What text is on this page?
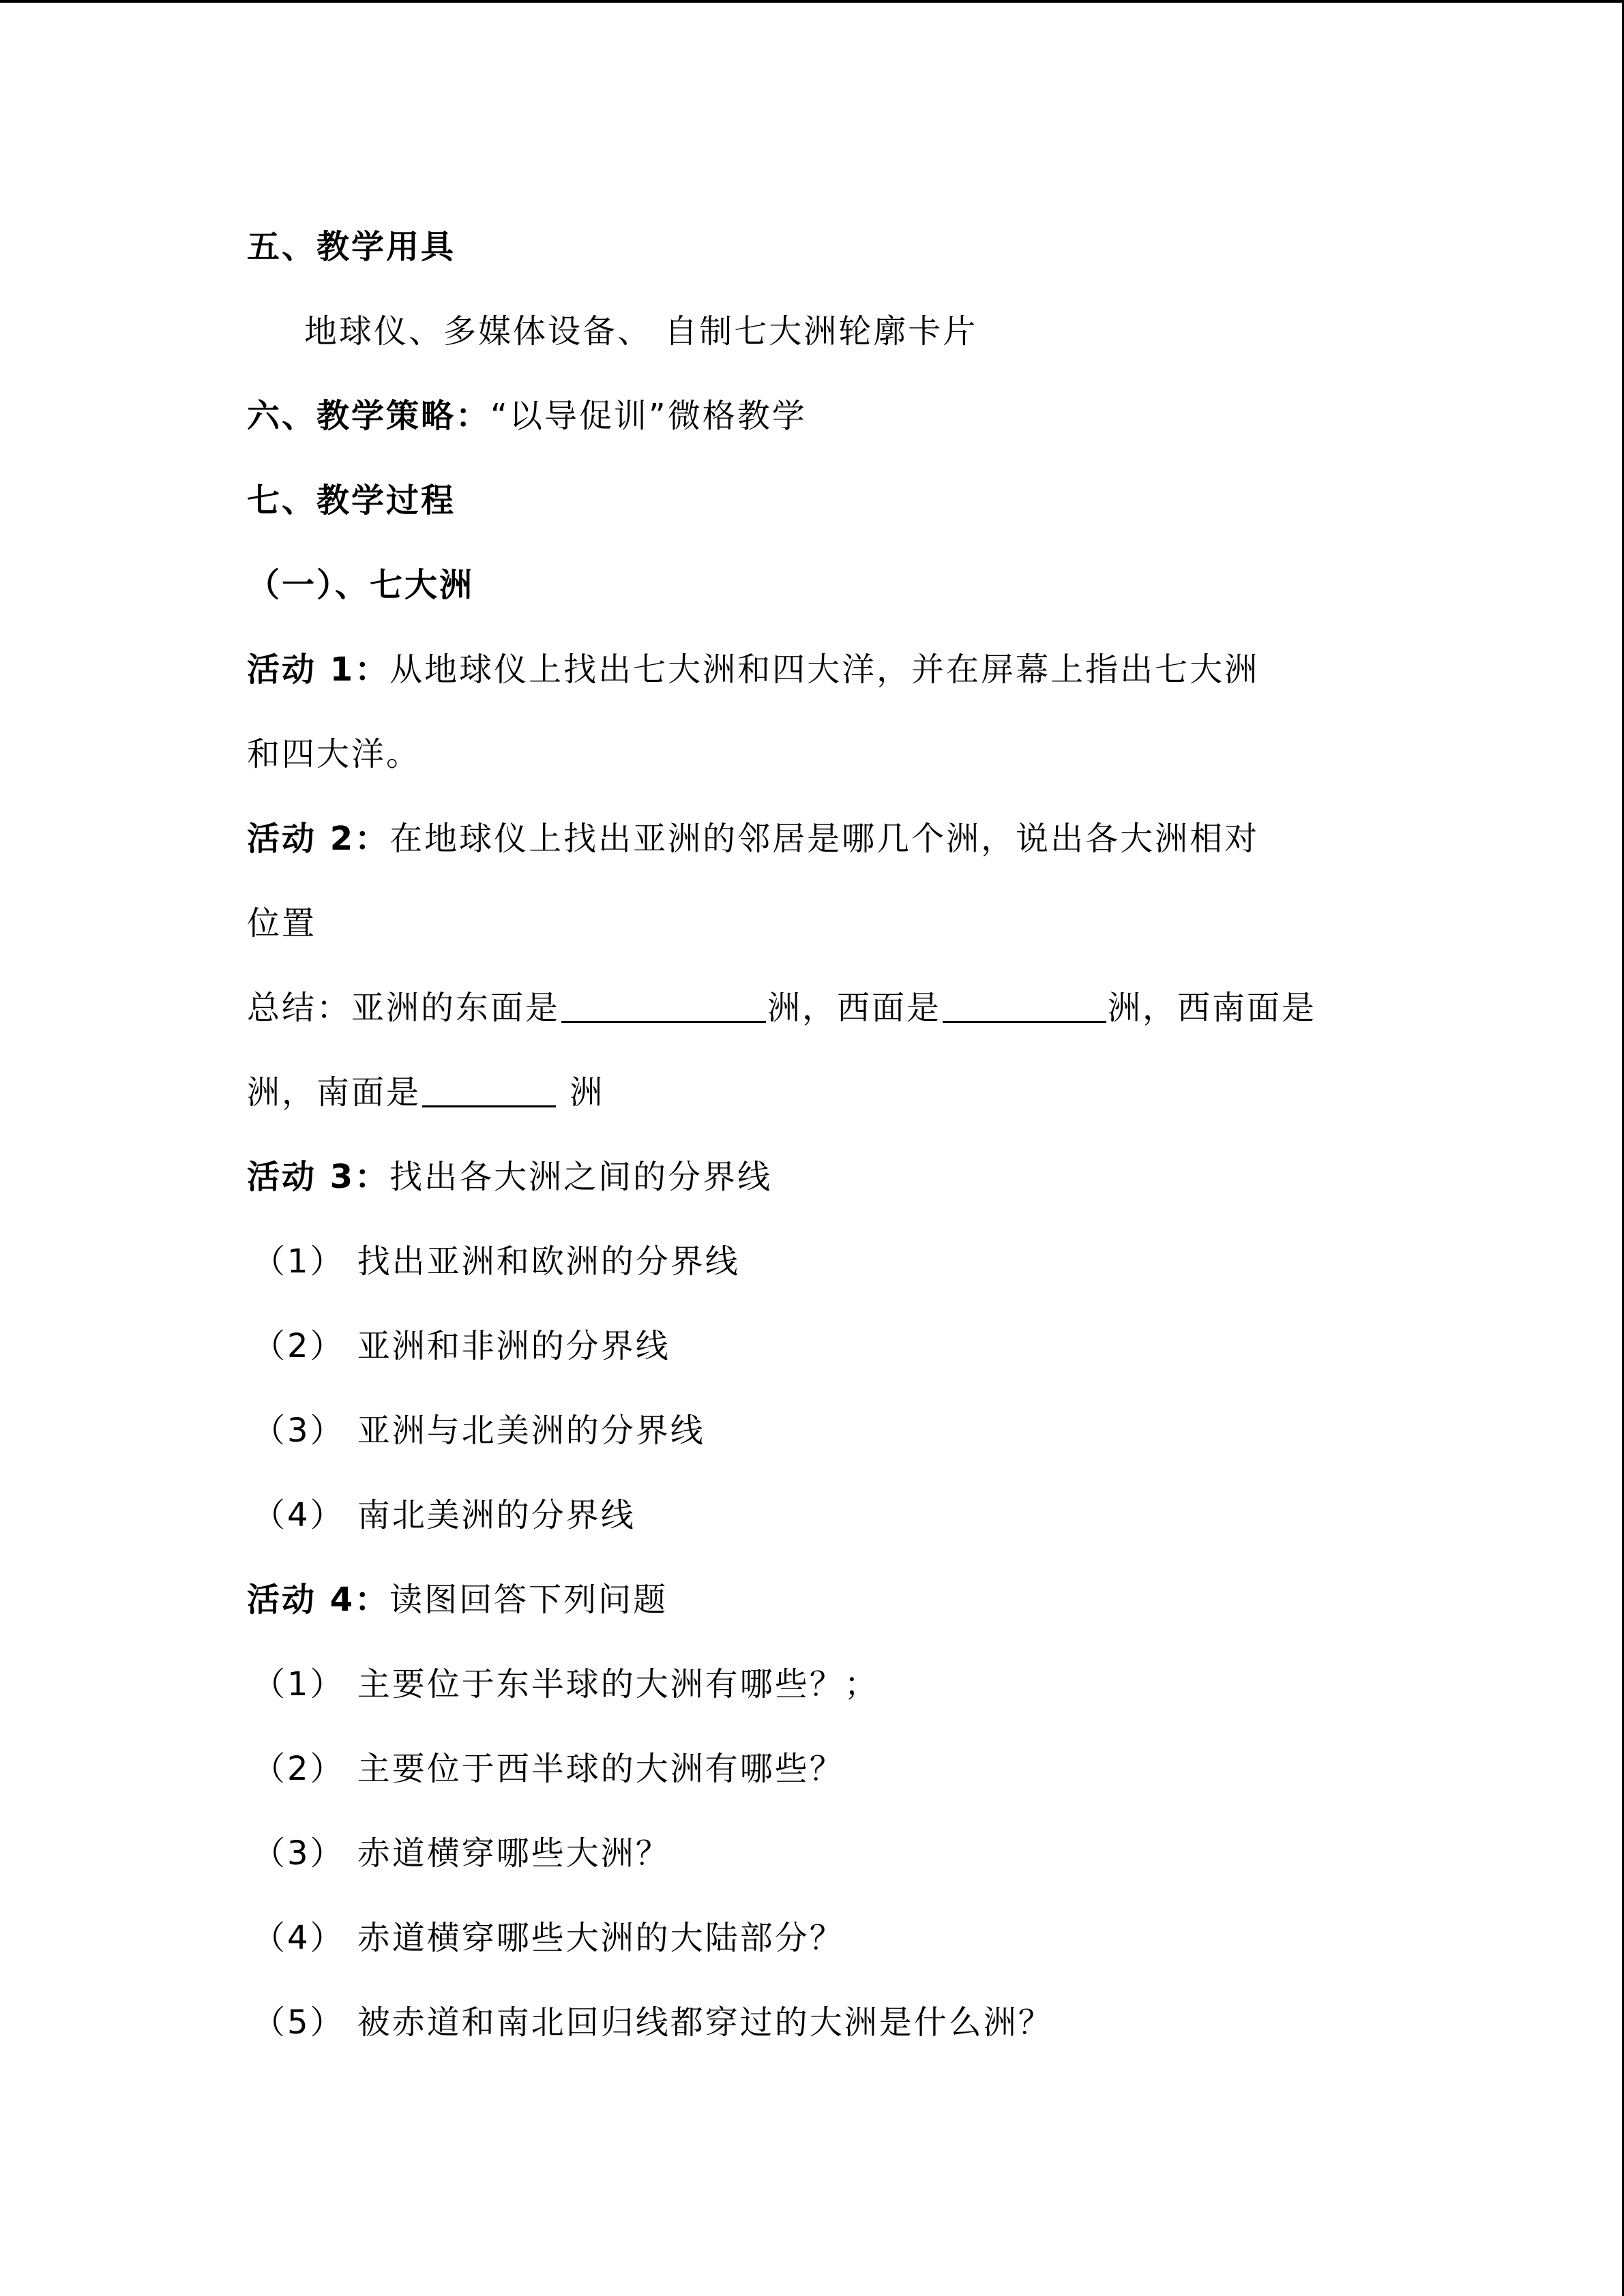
五、教学用具
地球仪、多媒体设备、 自制七大洲轮廓卡片
六、教学策略：“以导促训”微格教学
七、教学过程
（一）、七大洲
活动 1：从地球仪上找出七大洲和四大洋，并在屏幕上指出七大洲
和四大洋。
活动 2：在地球仪上找出亚洲的邻居是哪几个洲，说出各大洲相对
位置
总结：亚洲的东面是	洲，西面是	洲，西南面是
洲，南面是	洲
活动 3：找出各大洲之间的分界线
（1） 找出亚洲和欧洲的分界线
（2） 亚洲和非洲的分界线
（3） 亚洲与北美洲的分界线
（4） 南北美洲的分界线
活动 4：读图回答下列问题
（1） 主要位于东半球的大洲有哪些？；
（2） 主要位于西半球的大洲有哪些？
（3） 赤道横穿哪些大洲？
（4） 赤道横穿哪些大洲的大陆部分？
（5） 被赤道和南北回归线都穿过的大洲是什么洲？
